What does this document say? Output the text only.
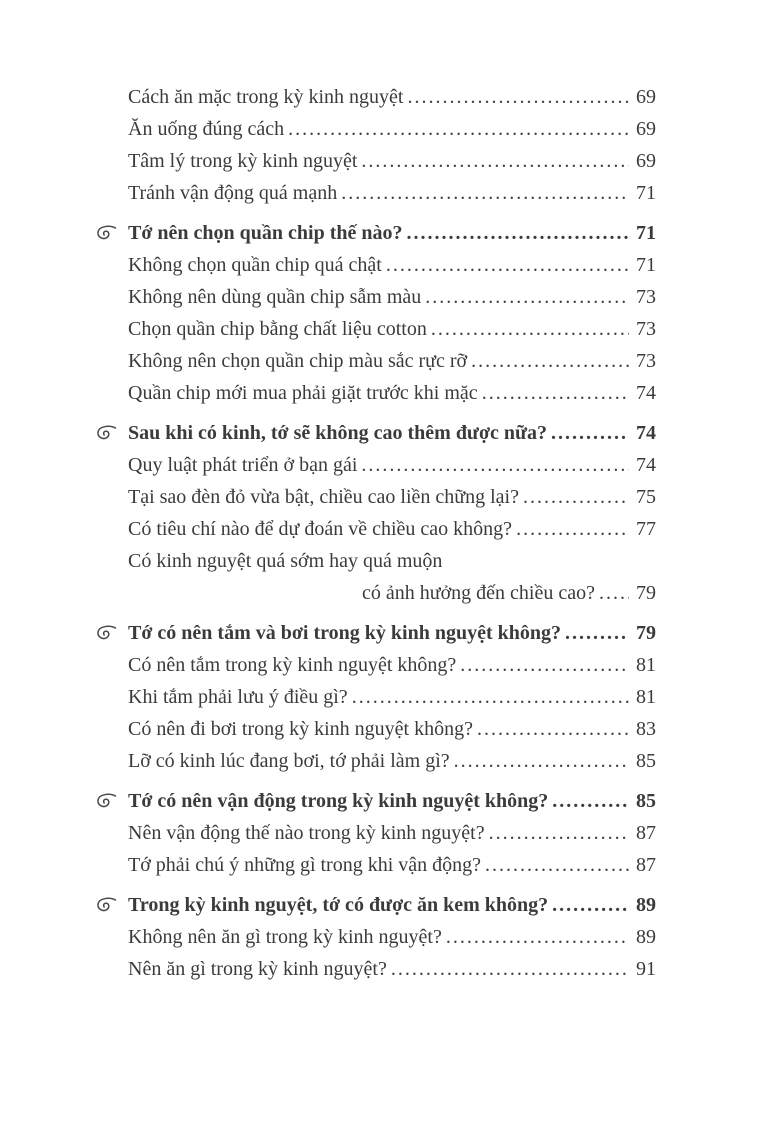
Cách ăn mặc trong kỳ kinh nguyệt .....	69
Ăn uống đúng cách .....	69
Tâm lý trong kỳ kinh nguyệt .....	69
Tránh vận động quá mạnh .....	71
Tớ nên chọn quần chip thế nào? .....	71
Không chọn quần chip quá chật .....	71
Không nên dùng quần chip sẫm màu .....	73
Chọn quần chip bằng chất liệu cotton .....	73
Không nên chọn quần chip màu sắc rực rỡ .....	73
Quần chip mới mua phải giặt trước khi mặc .....	74
Sau khi có kinh, tớ sẽ không cao thêm được nữa? .....	74
Quy luật phát triển ở bạn gái .....	74
Tại sao đèn đỏ vừa bật, chiều cao liền chững lại? .....	75
Có tiêu chí nào để dự đoán về chiều cao không? .....	77
Có kinh nguyệt quá sớm hay quá muộn
có ảnh hưởng đến chiều cao? ..... 79
Tớ có nên tắm và bơi trong kỳ kinh nguyệt không? .....	79
Có nên tắm trong kỳ kinh nguyệt không? .....	81
Khi tắm phải lưu ý điều gì? .....	81
Có nên đi bơi trong kỳ kinh nguyệt không? .....	83
Lỡ có kinh lúc đang bơi, tớ phải làm gì? .....	85
Tớ có nên vận động trong kỳ kinh nguyệt không? .....	85
Nên vận động thế nào trong kỳ kinh nguyệt? .....	87
Tớ phải chú ý những gì trong khi vận động? .....	87
Trong kỳ kinh nguyệt, tớ có được ăn kem không? .....	89
Không nên ăn gì trong kỳ kinh nguyệt? .....	89
Nên ăn gì trong kỳ kinh nguyệt? .....	91
